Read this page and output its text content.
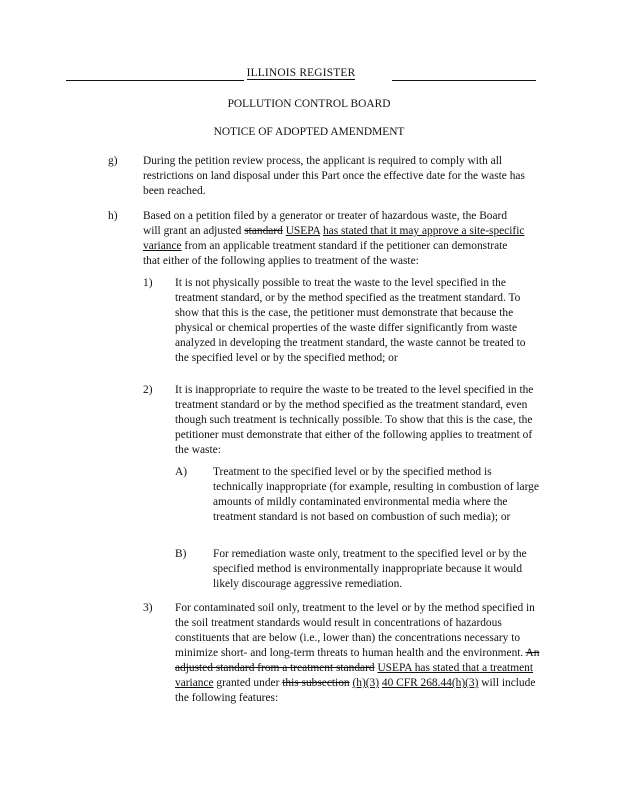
ILLINOIS REGISTER
POLLUTION CONTROL BOARD
NOTICE OF ADOPTED AMENDMENT
g) During the petition review process, the applicant is required to comply with all restrictions on land disposal under this Part once the effective date for the waste has been reached.
h) Based on a petition filed by a generator or treater of hazardous waste, the Board will grant an adjusted standard USEPA has stated that it may approve a site-specific variance from an applicable treatment standard if the petitioner can demonstrate that either of the following applies to treatment of the waste:
1) It is not physically possible to treat the waste to the level specified in the treatment standard, or by the method specified as the treatment standard. To show that this is the case, the petitioner must demonstrate that because the physical or chemical properties of the waste differ significantly from waste analyzed in developing the treatment standard, the waste cannot be treated to the specified level or by the specified method; or
2) It is inappropriate to require the waste to be treated to the level specified in the treatment standard or by the method specified as the treatment standard, even though such treatment is technically possible. To show that this is the case, the petitioner must demonstrate that either of the following applies to treatment of the waste:
A) Treatment to the specified level or by the specified method is technically inappropriate (for example, resulting in combustion of large amounts of mildly contaminated environmental media where the treatment standard is not based on combustion of such media); or
B) For remediation waste only, treatment to the specified level or by the specified method is environmentally inappropriate because it would likely discourage aggressive remediation.
3) For contaminated soil only, treatment to the level or by the method specified in the soil treatment standards would result in concentrations of hazardous constituents that are below (i.e., lower than) the concentrations necessary to minimize short- and long-term threats to human health and the environment. An adjusted standard from a treatment standard USEPA has stated that a treatment variance granted under this subsection (h)(3) 40 CFR 268.44(h)(3) will include the following features:
